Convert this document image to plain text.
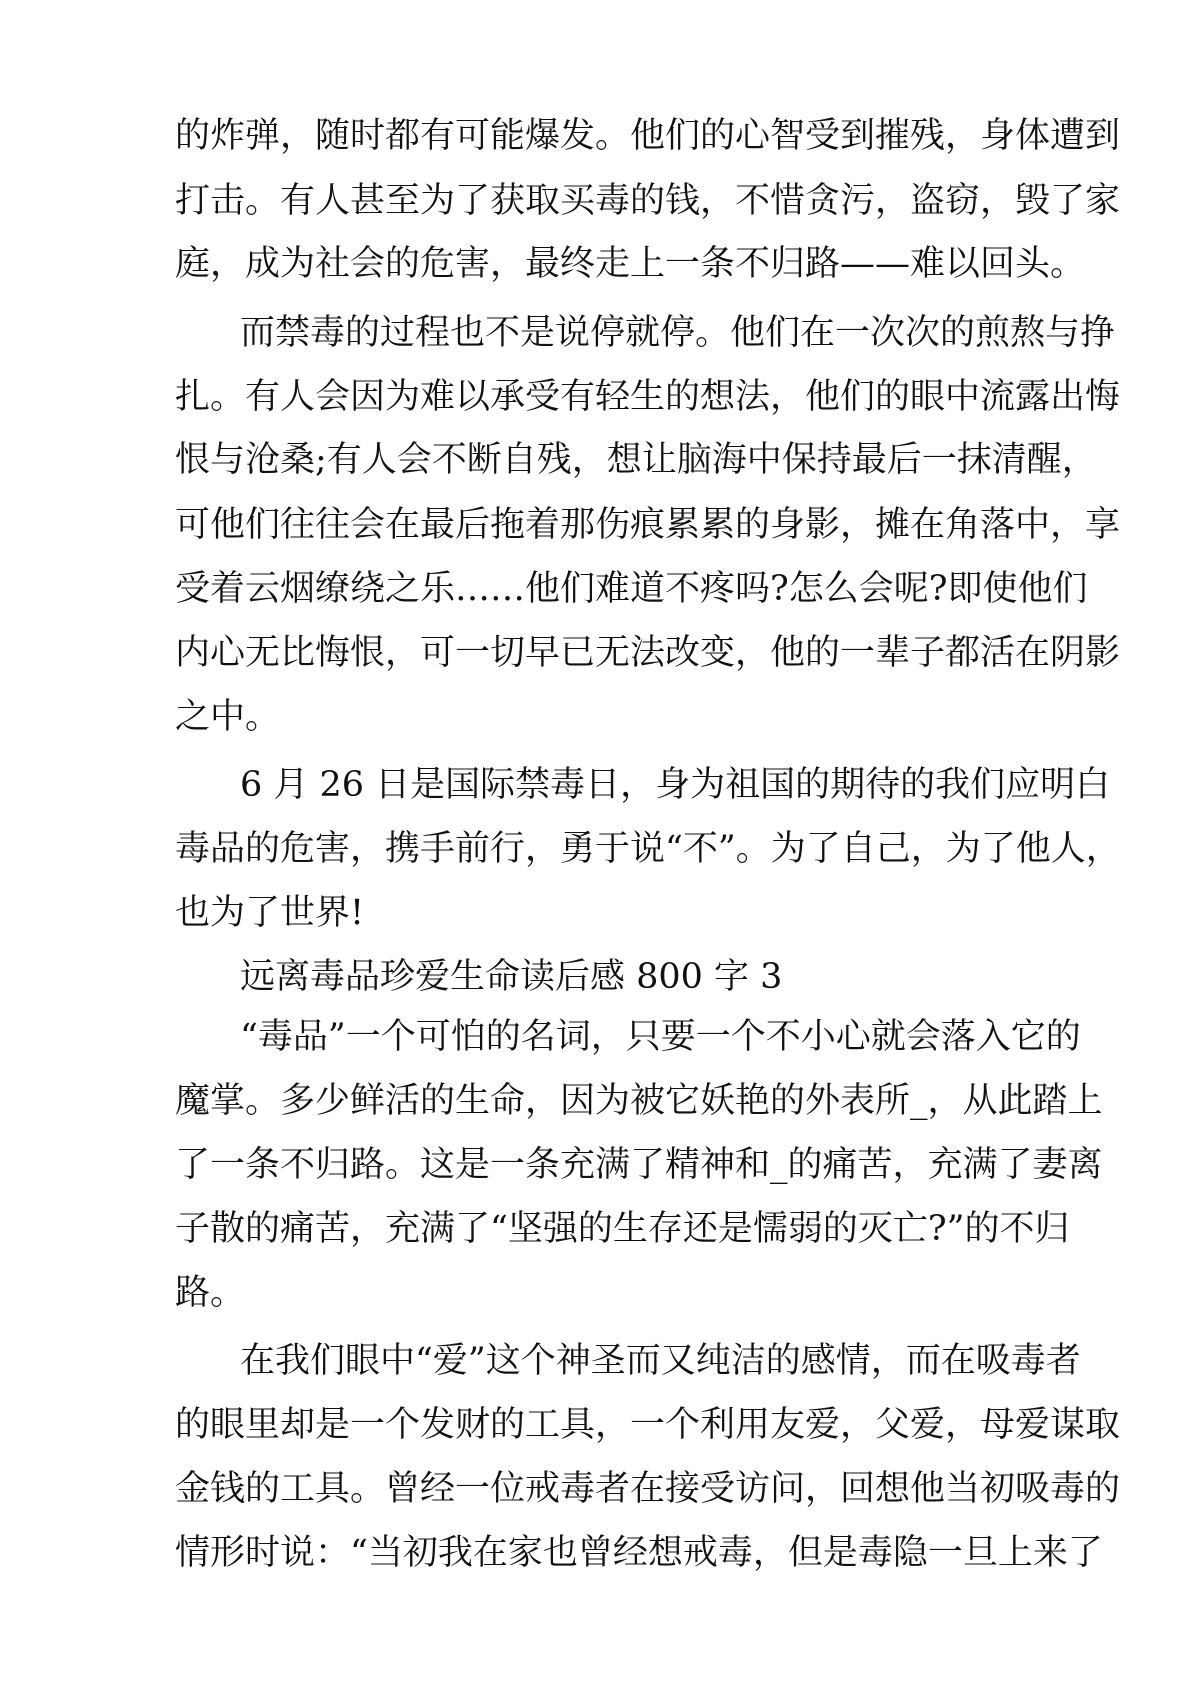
的炸弹，随时都有可能爆发。他们的心智受到摧残，身体遭到
打击。有人甚至为了获取买毒的钱，不惜贪污，盗窃，毁了家
庭，成为社会的危害，最终走上一条不归路——难以回头。
而禁毒的过程也不是说停就停。他们在一次次的煎熬与挣
扎。有人会因为难以承受有轻生的想法，他们的眼中流露出悔
恨与沧桑;有人会不断自残，想让脑海中保持最后一抹清醒，
可他们往往会在最后拖着那伤痕累累的身影，摊在角落中，享
受着云烟缭绕之乐……他们难道不疼吗?怎么会呢?即使他们
内心无比悔恨，可一切早已无法改变，他的一辈子都活在阴影
之中。
6 月 26 日是国际禁毒日，身为祖国的期待的我们应明白
毒品的危害，携手前行，勇于说“不”。为了自己，为了他人，
也为了世界!
远离毒品珍爱生命读后感 800 字 3
“毒品”一个可怕的名词，只要一个不小心就会落入它的
魔掌。多少鲜活的生命，因为被它妖艳的外表所_，从此踏上
了一条不归路。这是一条充满了精神和_的痛苦，充满了妻离
子散的痛苦，充满了“坚强的生存还是懦弱的灭亡?”的不归
路。
在我们眼中“爱”这个神圣而又纯洁的感情，而在吸毒者
的眼里却是一个发财的工具，一个利用友爱，父爱，母爱谋取
金钱的工具。曾经一位戒毒者在接受访问，回想他当初吸毒的
情形时说：“当初我在家也曾经想戒毒，但是毒隐一旦上来了
